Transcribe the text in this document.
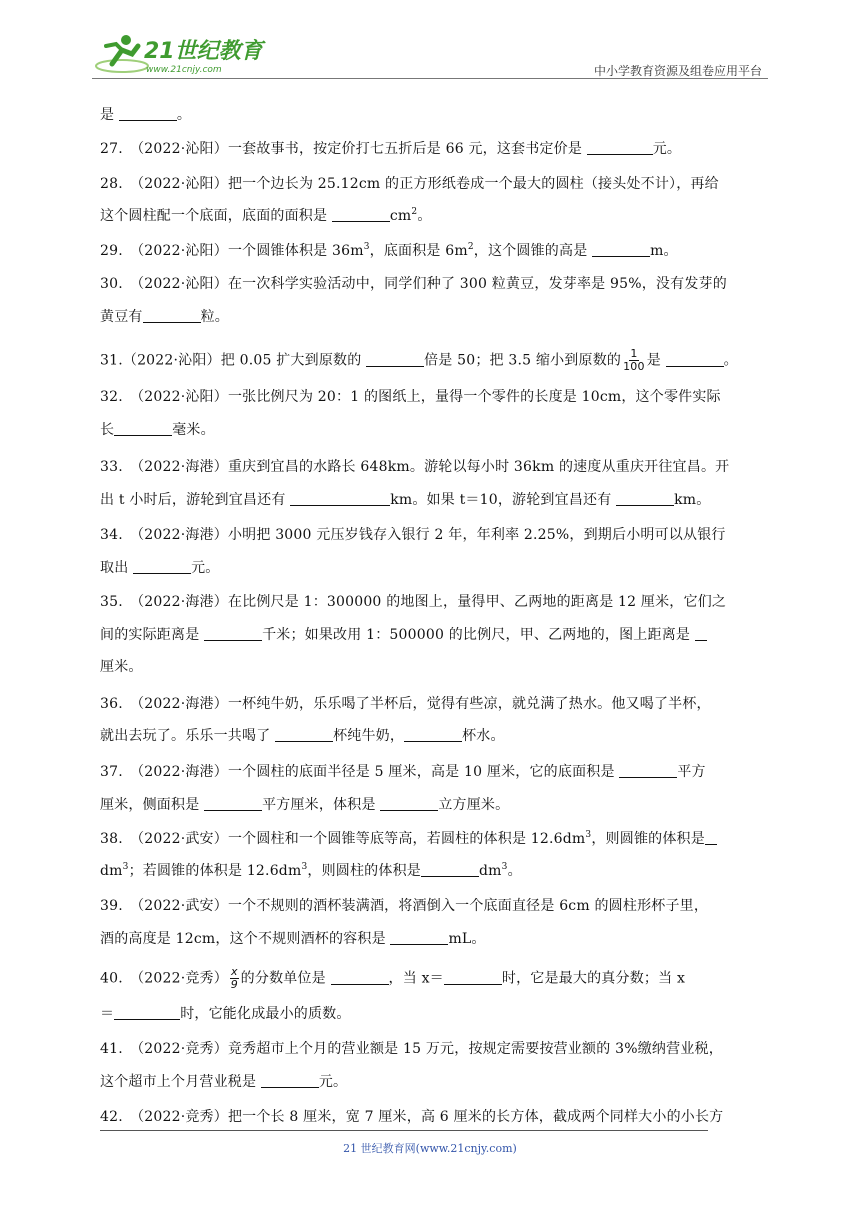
21世纪教育
www.21cnjy.com	中小学教育资源及组卷应用平台
是	。
27.　（2022·沁阳）一套故事书，按定价打七五折后是 66 元，这套书定价是	元。
28.　（2022·沁阳）把一个边长为 25.12cm 的正方形纸卷成一个最大的圆柱（接头处不计），再给
这个圆柱配一个底面，底面的面积是	$cm^2$。
29.　（2022·沁阳）一个圆锥体积是 $36m^3$，底面积是 $6m^2$，这个圆锥的高是	m。
30.　（2022·沁阳）在一次科学实验活动中，同学们种了 300 粒黄豆，发芽率是 95%，没有发芽的
黄豆有	粒。
31.（2022·沁阳）把 0.05 扩大到原数的	倍是 50；把 3.5 缩小到原数的 $\frac{1}{100}$ 是	。
32.　（2022·沁阳）一张比例尺为 20：1 的图纸上，量得一个零件的长度是 10cm，这个零件实际
长	毫米。
33.　（2022·海港）重庆到宜昌的水路长 648km。游轮以每小时 36km 的速度从重庆开往宜昌。开
出 t 小时后，游轮到宜昌还有	km。如果 t＝10，游轮到宜昌还有	km。
34.　（2022·海港）小明把 3000 元压岁钱存入银行 2 年，年利率 2.25%，到期后小明可以从银行
取出	元。
35.　（2022·海港）在比例尺是 1：300000 的地图上，量得甲、乙两地的距离是 12 厘米，它们之
间的实际距离是	千米；如果改用 1：500000 的比例尺，甲、乙两地的，图上距离是
厘米。
36.　（2022·海港）一杯纯牛奶，乐乐喝了半杯后，觉得有些凉，就兑满了热水。他又喝了半杯，
就出去玩了。乐乐一共喝了	杯纯牛奶，	杯水。
37.　（2022·海港）一个圆柱的底面半径是 5 厘米，高是 10 厘米，它的底面积是	平方
厘米，侧面积是	平方厘米，体积是	立方厘米。
38.　（2022·武安）一个圆柱和一个圆锥等底等高，若圆柱的体积是 $12.6dm^3$，则圆锥的体积是
$dm^3$；若圆锥的体积是 $12.6dm^3$，则圆柱的体积是	$dm^3$。
39.　（2022·武安）一个不规则的酒杯装满酒，将酒倒入一个底面直径是 6cm 的圆柱形杯子里，
酒的高度是 12cm，这个不规则酒杯的容积是	mL。
40.　（2022·竞秀） $\frac{x}{9}$ 的分数单位是	，当 x＝	时，它是最大的真分数；当 x
＝	时，它能化成最小的质数。
41.　（2022·竞秀）竞秀超市上个月的营业额是 15 万元，按规定需要按营业额的 3%缴纳营业税，
这个超市上个月营业税是	元。
42.　（2022·竞秀）把一个长 8 厘米，宽 7 厘米，高 6 厘米的长方体，截成两个同样大小的小长方
21 世纪教育网(www.21cnjy.com)
